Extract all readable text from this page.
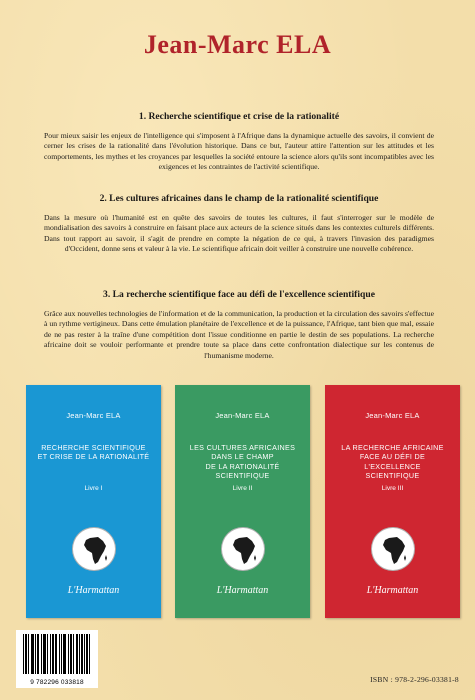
Jean-Marc ELA
1. Recherche scientifique et crise de la rationalité

Pour mieux saisir les enjeux de l'intelligence qui s'imposent à l'Afrique dans la dynamique actuelle des savoirs, il convient de cerner les crises de la rationalité dans l'évolution historique. Dans ce but, l'auteur attire l'attention sur les attitudes et les comportements, les mythes et les croyances par lesquelles la société entoure la science alors qu'ils sont incompatibles avec les exigences et les contraintes de l'activité scientifique.

2. Les cultures africaines dans le champ de la rationalité scientifique

Dans la mesure où l'humanité est en quête des savoirs de toutes les cultures, il faut s'interroger sur le modèle de mondialisation des savoirs à construire en faisant place aux acteurs de la science situés dans les contextes culturels différents. Dans tout rapport au savoir, il s'agit de prendre en compte la négation de ce qui, à travers l'invasion des paradigmes d'Occident, donne sens et valeur à la vie. Le scientifique africain doit veiller à construire une nouvelle cohérence.

3. La recherche scientifique face au défi de l'excellence scientifique

Grâce aux nouvelles technologies de l'information et de la communication, la production et la circulation des savoirs s'effectue à un rythme vertigineux. Dans cette émulation planétaire de l'excellence et de la puissance, l'Afrique, tant bien que mal, essaie de ne pas rester à la traîne d'une compétition dont l'issue conditionne en partie le destin de ses populations. La recherche africaine doit se vouloir performante et prendre toute sa place dans cette confrontation dialectique sur les contenus de l'humanisme moderne.

Jean-Marc ELA
RECHERCHE SCIENTIFIQUE
ET CRISE DE LA RATIONALITÉ
Livre I
L'Harmattan
Jean-Marc ELA
LES CULTURES AFRICAINES
DANS LE CHAMP
DE LA RATIONALITÉ SCIENTIFIQUE
Livre II
L'Harmattan
Jean-Marc ELA
LA RECHERCHE AFRICAINE
FACE AU DÉFI DE L'EXCELLENCE
SCIENTIFIQUE
Livre III
L'Harmattan
9 782296 033818	ISBN : 978-2-296-03381-8
